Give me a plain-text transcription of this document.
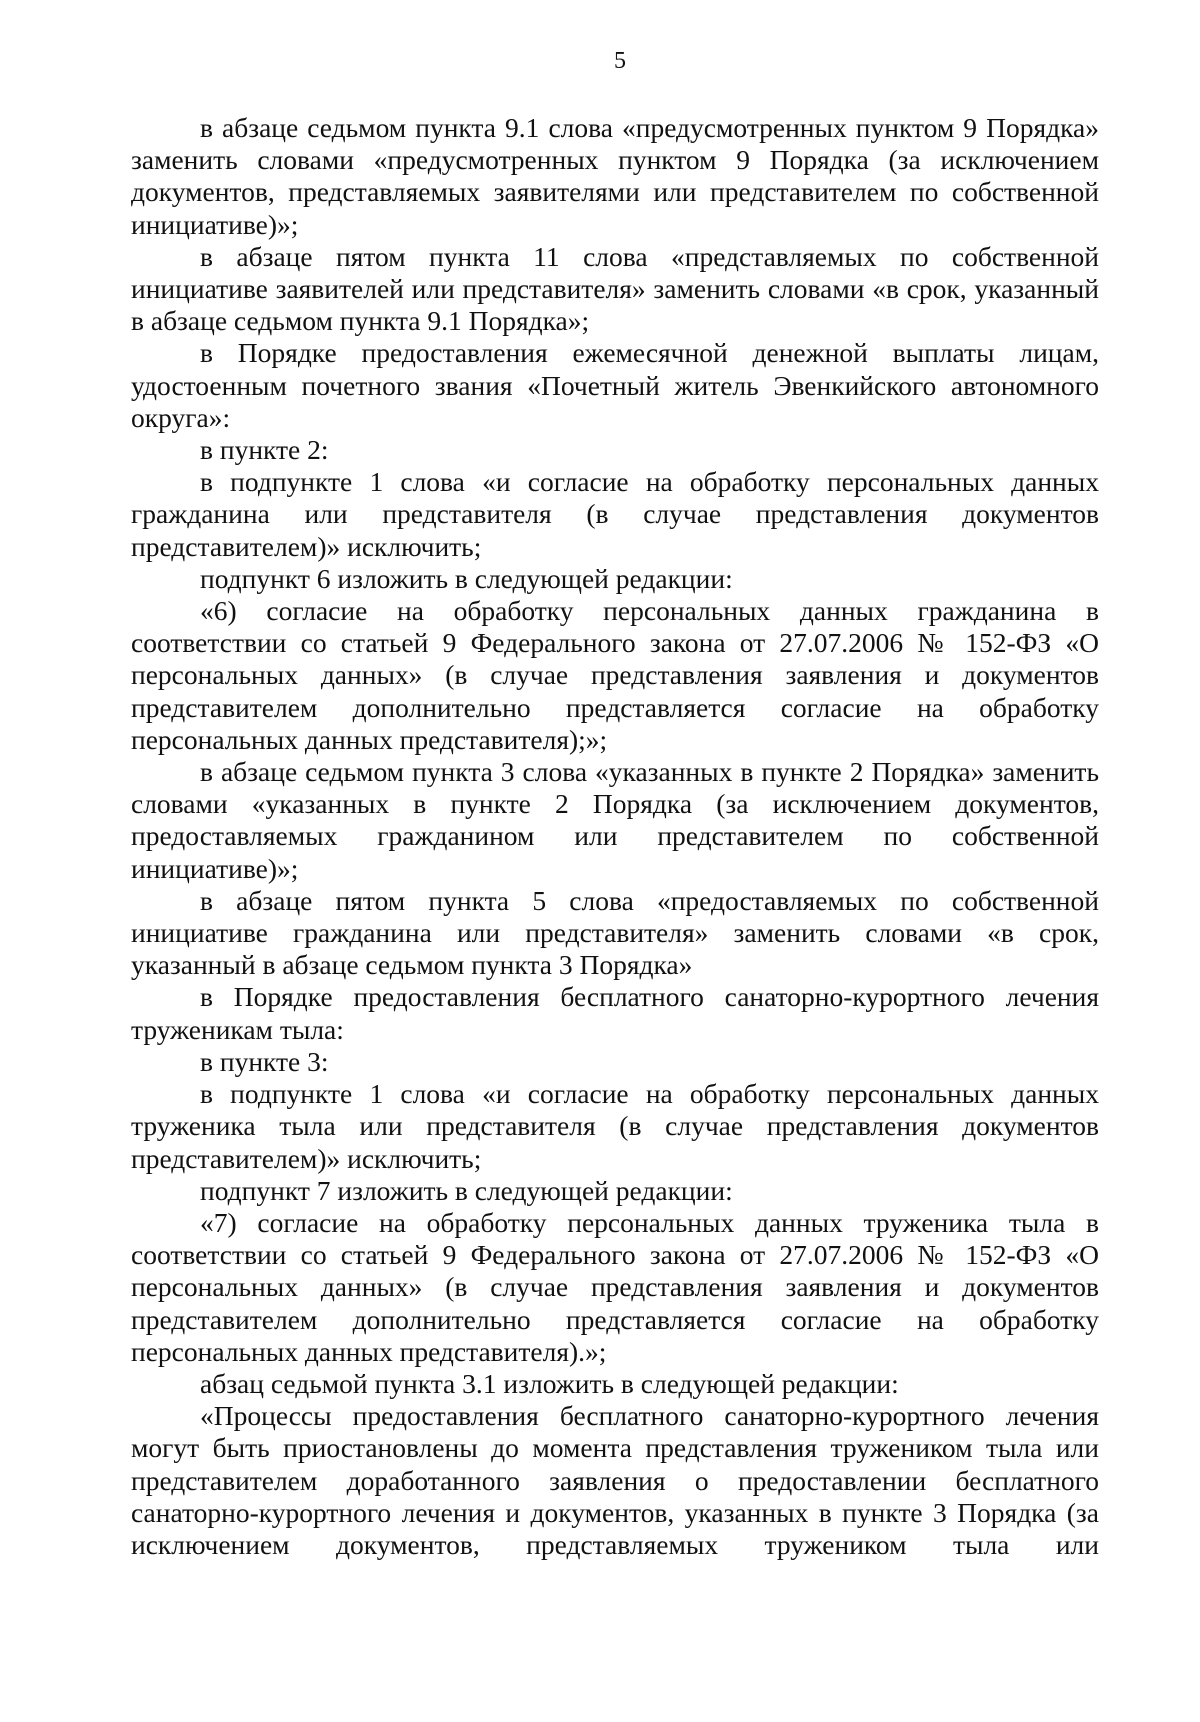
5

в абзаце седьмом пункта 9.1 слова «предусмотренных пунктом 9 Порядка» заменить словами «предусмотренных пунктом 9 Порядка (за исключением документов, представляемых заявителями или представителем по собственной инициативе)»;

в абзаце пятом пункта 11 слова «представляемых по собственной инициативе заявителей или представителя» заменить словами «в срок, указанный в абзаце седьмом пункта 9.1 Порядка»;

в Порядке предоставления ежемесячной денежной выплаты лицам, удостоенным почетного звания «Почетный житель Эвенкийского автономного округа»:

в пункте 2:

в подпункте 1 слова «и согласие на обработку персональных данных гражданина или представителя (в случае представления документов представителем)» исключить;

подпункт 6 изложить в следующей редакции:

«6) согласие на обработку персональных данных гражданина в соответствии со статьей 9 Федерального закона от 27.07.2006 № 152-ФЗ «О персональных данных» (в случае представления заявления и документов представителем дополнительно представляется согласие на обработку персональных данных представителя);»;

в абзаце седьмом пункта 3 слова «указанных в пункте 2 Порядка» заменить словами «указанных в пункте 2 Порядка (за исключением документов, предоставляемых гражданином или представителем по собственной инициативе)»;

в абзаце пятом пункта 5 слова «предоставляемых по собственной инициативе гражданина или представителя» заменить словами «в срок, указанный в абзаце седьмом пункта 3 Порядка»

в Порядке предоставления бесплатного санаторно-курортного лечения труженикам тыла:

в пункте 3:

в подпункте 1 слова «и согласие на обработку персональных данных труженика тыла или представителя (в случае представления документов представителем)» исключить;

подпункт 7 изложить в следующей редакции:

«7) согласие на обработку персональных данных труженика тыла в соответствии со статьей 9 Федерального закона от 27.07.2006 № 152-ФЗ «О персональных данных» (в случае представления заявления и документов представителем дополнительно представляется согласие на обработку персональных данных представителя).»;

абзац седьмой пункта 3.1 изложить в следующей редакции:

«Процессы предоставления бесплатного санаторно-курортного лечения могут быть приостановлены до момента представления тружеником тыла или представителем доработанного заявления о предоставлении бесплатного санаторно-курортного лечения и документов, указанных в пункте 3 Порядка (за исключением документов, представляемых тружеником тыла или
